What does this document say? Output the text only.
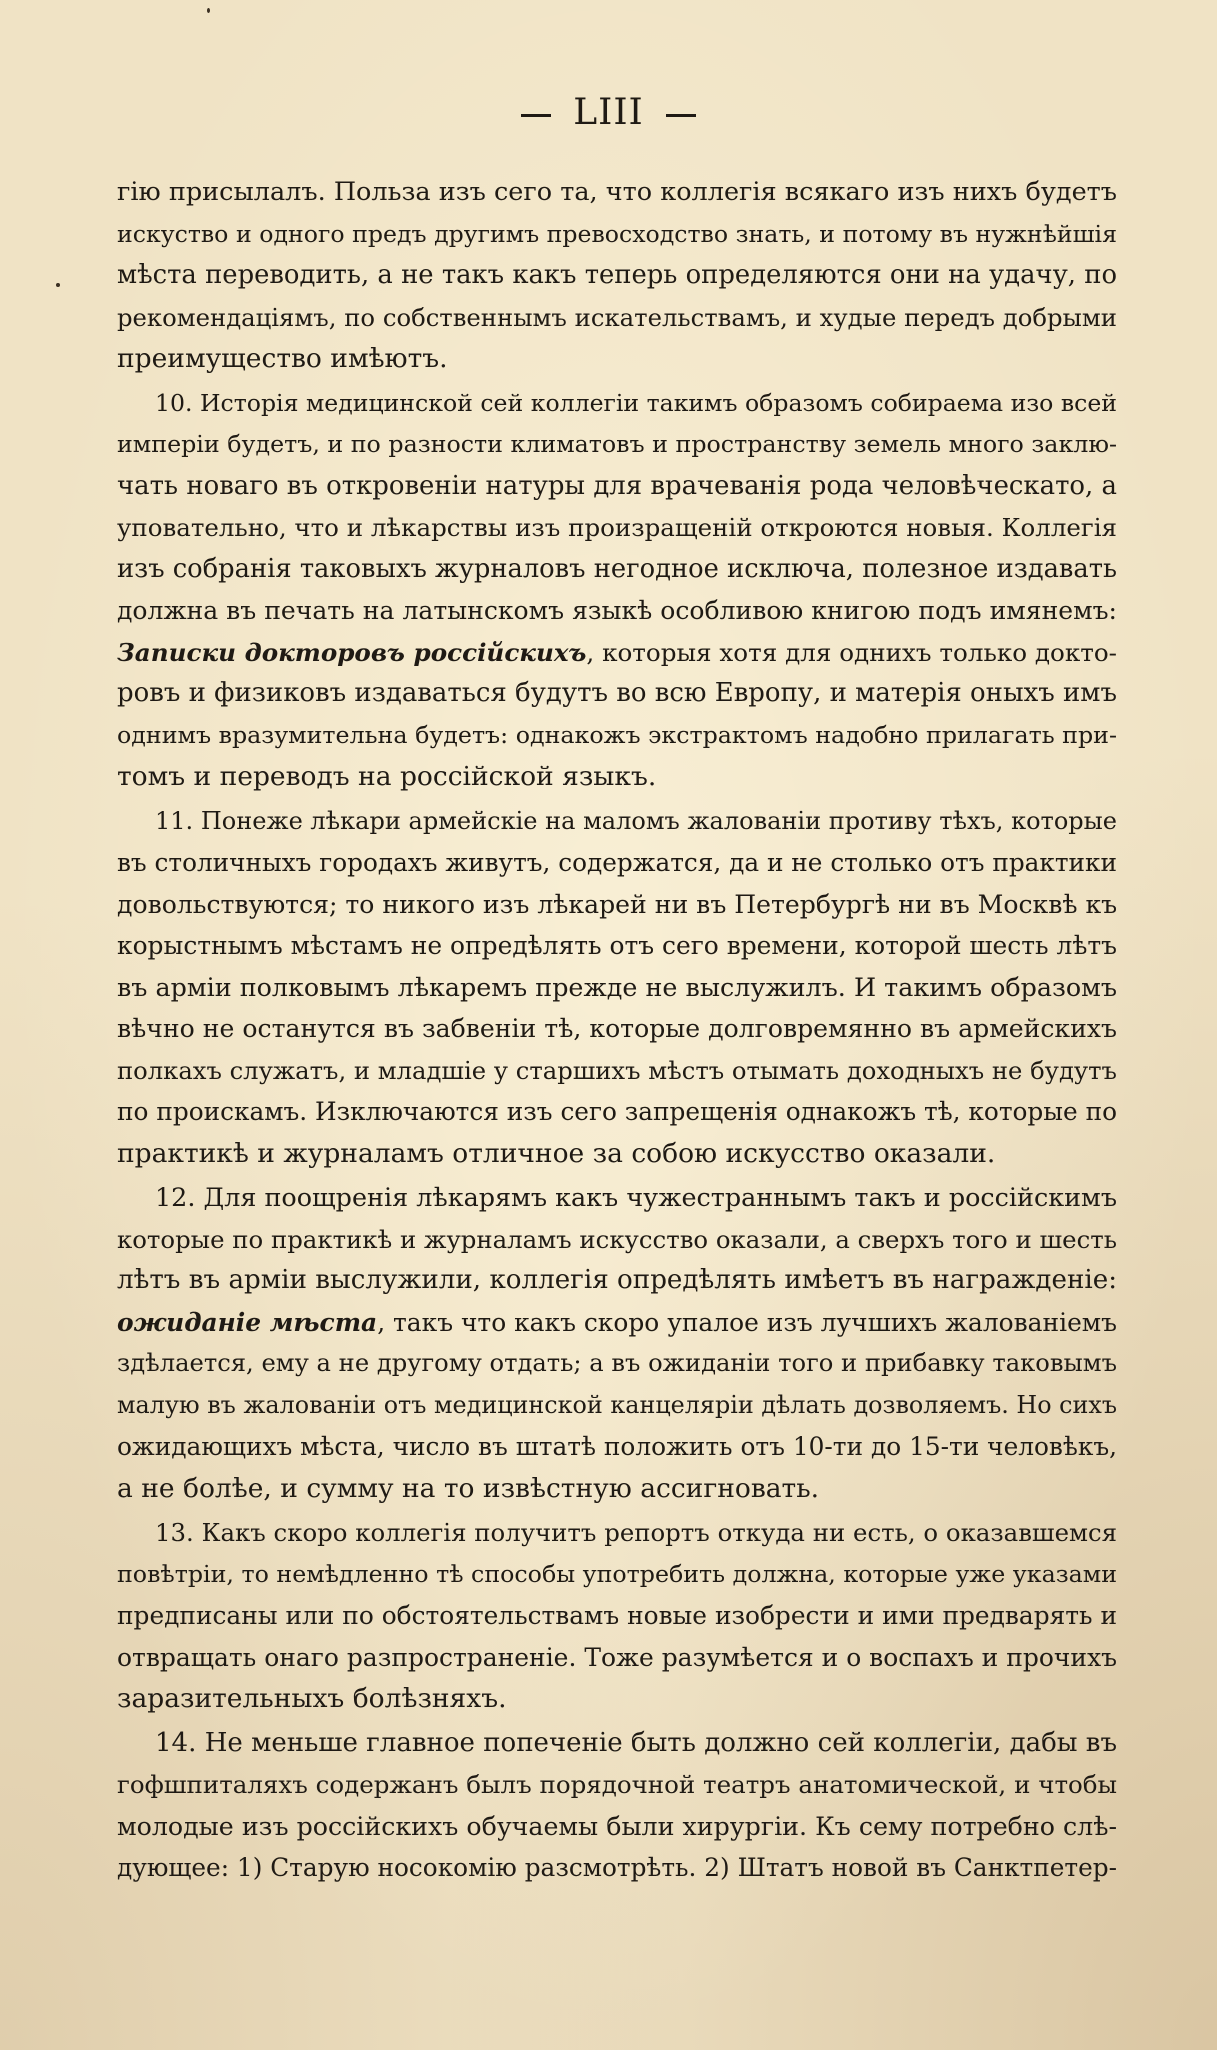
LIII
гію присылалъ. Польза изъ сего та, что коллегія всякаго изъ нихъ будетъ
искуство и одного предъ другимъ превосходство знать, и потому въ нужнѣйшія
мѣста переводить, а не такъ какъ теперь определяются они на удачу, по
рекомендаціямъ, по собственнымъ искательствамъ, и худые передъ добрыми
преимущество имѣютъ.
10. Исторія медицинской сей коллегіи такимъ образомъ собираема изо всей
имперіи будетъ, и по разности климатовъ и пространству земель много заклю-
чать новаго въ откровеніи натуры для врачеванія рода человѣческато, а
уповательно, что и лѣкарствы изъ произращеній откроются новыя. Коллегія
изъ собранія таковыхъ журналовъ негодное исключа, полезное издавать
должна въ печать на латынскомъ языкѣ особливою книгою подъ имянемъ:
Записки докторовъ россійскихъ, которыя хотя для однихъ только докто-
ровъ и физиковъ издаваться будутъ во всю Европу, и матерія оныхъ имъ
однимъ вразумительна будетъ: однакожъ экстрактомъ надобно прилагать при-
томъ и переводъ на россійской языкъ.
11. Понеже лѣкари армейскіе на маломъ жалованіи противу тѣхъ, которые
въ столичныхъ городахъ живутъ, содержатся, да и не столько отъ практики
довольствуются; то никого изъ лѣкарей ни въ Петербургѣ ни въ Москвѣ къ
корыстнымъ мѣстамъ не опредѣлять отъ сего времени, которой шесть лѣтъ
въ арміи полковымъ лѣкаремъ прежде не выслужилъ. И такимъ образомъ
вѣчно не останутся въ забвеніи тѣ, которые долговремянно въ армейскихъ
полкахъ служатъ, и младшіе у старшихъ мѣстъ отымать доходныхъ не будутъ
по проискамъ. Изключаются изъ сего запрещенія однакожъ тѣ, которые по
практикѣ и журналамъ отличное за собою искусство оказали.
12. Для поощренія лѣкарямъ какъ чужестраннымъ такъ и россійскимъ
которые по практикѣ и журналамъ искусство оказали, а сверхъ того и шесть
лѣтъ въ арміи выслужили, коллегія опредѣлять имѣетъ въ награжденіе:
ожиданіе мѣста, такъ что какъ скоро упалое изъ лучшихъ жалованіемъ
здѣлается, ему а не другому отдать; а въ ожиданіи того и прибавку таковымъ
малую въ жалованіи отъ медицинской канцеляріи дѣлать дозволяемъ. Но сихъ
ожидающихъ мѣста, число въ штатѣ положить отъ 10-ти до 15-ти человѣкъ,
а не болѣе, и сумму на то извѣстную ассигновать.
13. Какъ скоро коллегія получитъ репортъ откуда ни есть, о оказавшемся
повѣтріи, то немѣдленно тѣ способы употребить должна, которые уже указами
предписаны или по обстоятельствамъ новые изобрести и ими предварять и
отвращать онаго разпространеніе. Тоже разумѣется и о воспахъ и прочихъ
заразительныхъ болѣзняхъ.
14. Не меньше главное попеченіе быть должно сей коллегіи, дабы въ
гофшпиталяхъ содержанъ былъ порядочной театръ анатомической, и чтобы
молодые изъ россійскихъ обучаемы были хирургіи. Къ сему потребно слѣ-
дующее: 1) Старую носокомію разсмотрѣть. 2) Штатъ новой въ Санктпетер-
